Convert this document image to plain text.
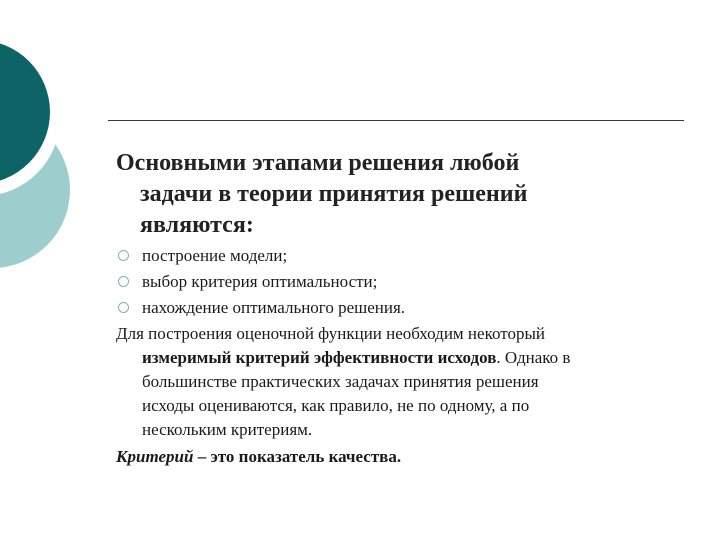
Основными этапами решения любой
задачи в теории принятия решений
являются:
построение модели;
выбор критерия оптимальности;
нахождение оптимального решения.
Для построения оценочной функции необходим некоторый
измеримый критерий эффективности исходов. Однако в
большинстве практических задачах принятия решения
исходы оцениваются, как правило, не по одному, а по
нескольким критериям.
Критерий – это показатель качества.
